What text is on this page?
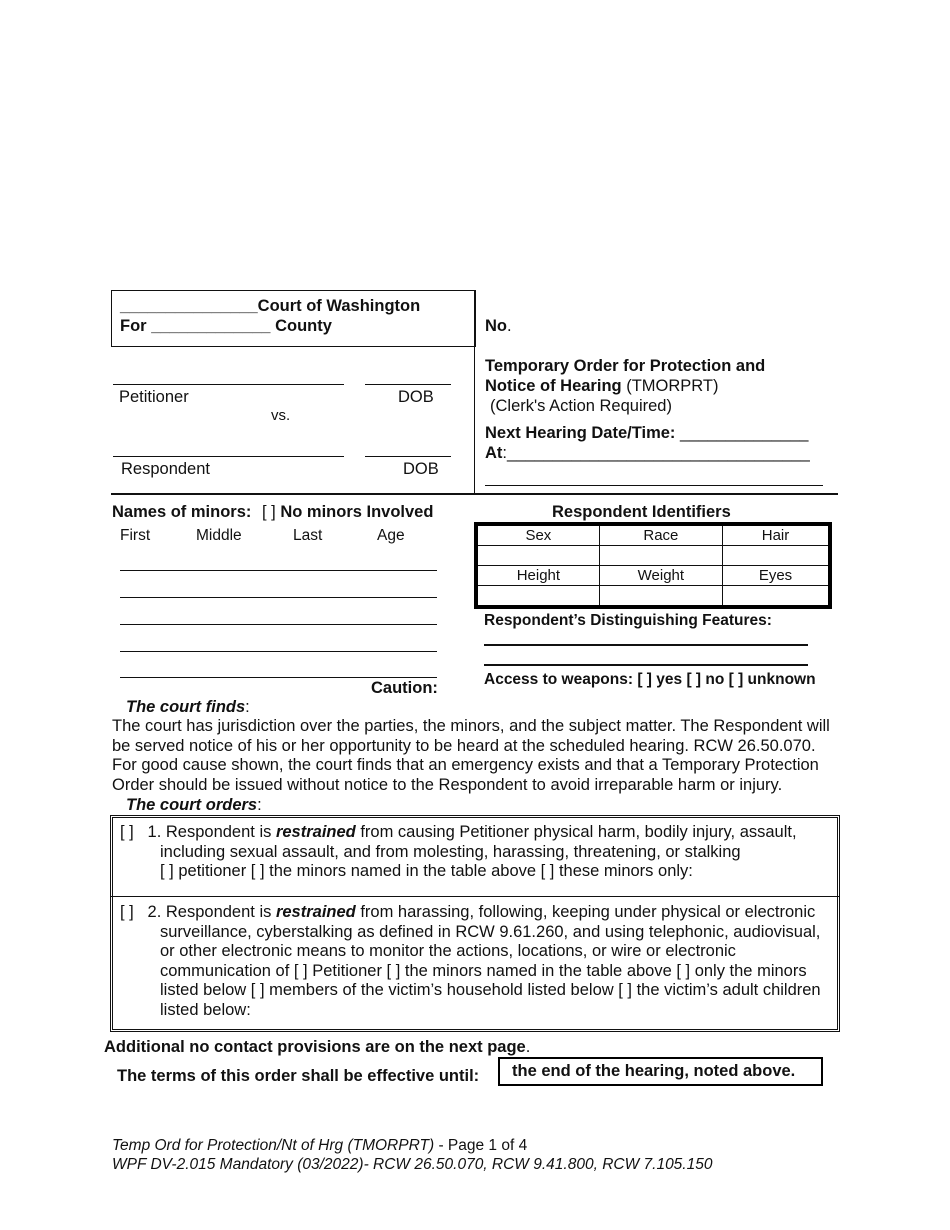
_______________Court of Washington
For _____________ County
Petitioner	DOB
vs.
Respondent	DOB
No.
Temporary Order for Protection and
Notice of Hearing (TMORPRT)
(Clerk's Action Required)
Next Hearing Date/Time: ______________
At:_________________________________
Names of minors: [ ] No minors Involved
First	Middle	Last	Age
Caution:
Respondent Identifiers
Sex	Race	Hair

Height	Weight	Eyes

Respondent’s Distinguishing Features:
Access to weapons: [ ] yes [ ] no [ ] unknown
The court finds:
The court has jurisdiction over the parties, the minors, and the subject matter. The Respondent will be served notice of his or her opportunity to be heard at the scheduled hearing. RCW 26.50.070. For good cause shown, the court finds that an emergency exists and that a Temporary Protection Order should be issued without notice to the Respondent to avoid irreparable harm or injury.
The court orders:
[ ] 1. Respondent is restrained from causing Petitioner physical harm, bodily injury, assault,
including sexual assault, and from molesting, harassing, threatening, or stalking
[ ] petitioner [ ] the minors named in the table above [ ] these minors only:
[ ] 2. Respondent is restrained from harassing, following, keeping under physical or electronic
surveillance, cyberstalking as defined in RCW 9.61.260, and using telephonic, audiovisual,
or other electronic means to monitor the actions, locations, or wire or electronic
communication of [ ] Petitioner [ ] the minors named in the table above [ ] only the minors
listed below [ ] members of the victim’s household listed below [ ] the victim’s adult children
listed below:
Additional no contact provisions are on the next page.
The terms of this order shall be effective until:	the end of the hearing, noted above.
Temp Ord for Protection/Nt of Hrg (TMORPRT) - Page 1 of 4
WPF DV-2.015 Mandatory (03/2022)- RCW 26.50.070, RCW 9.41.800, RCW 7.105.150
